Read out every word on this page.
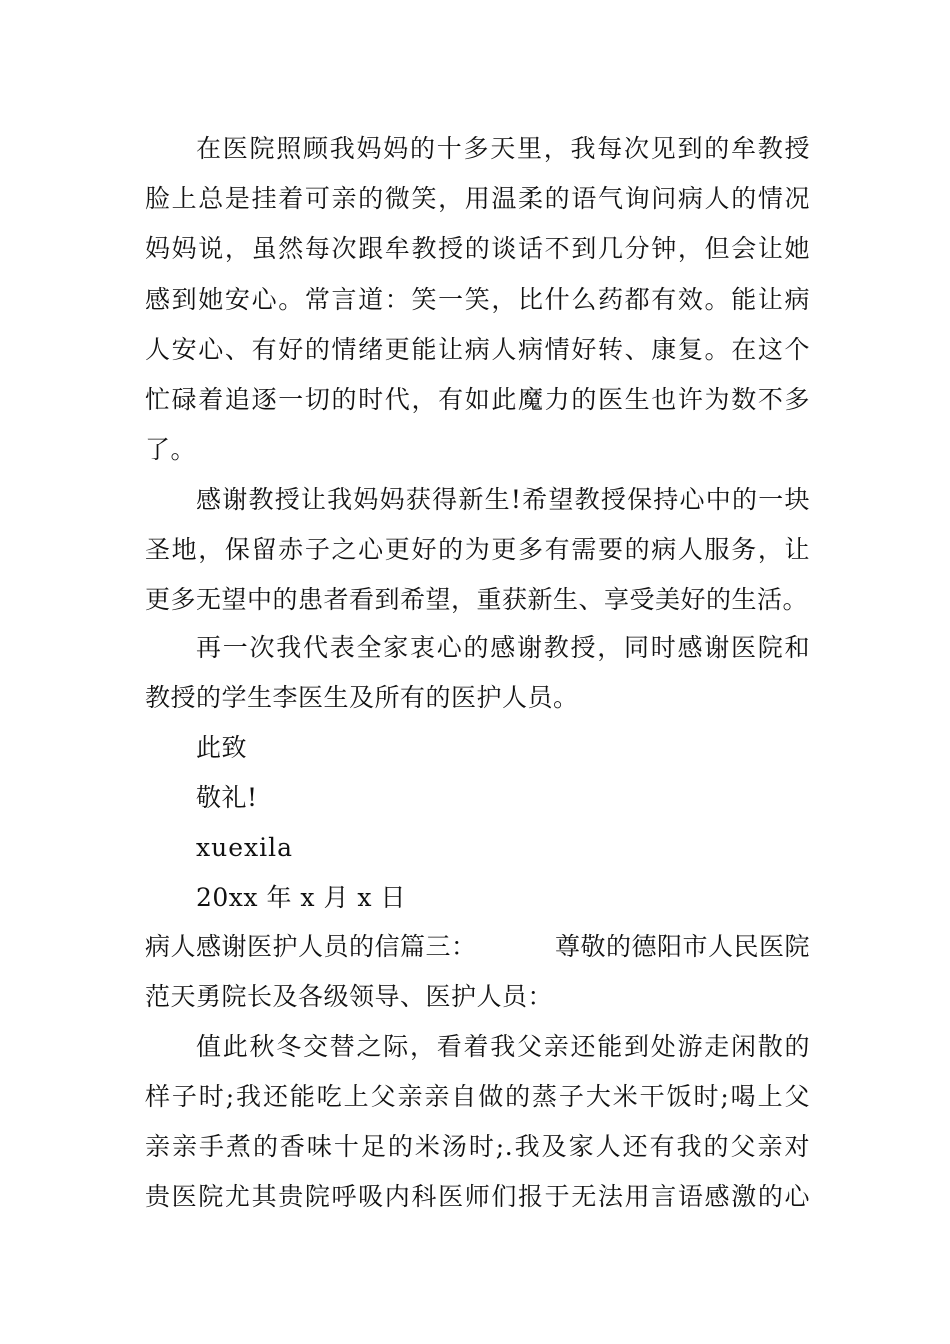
在医院照顾我妈妈的十多天里，我每次见到的牟教授
脸上总是挂着可亲的微笑，用温柔的语气询问病人的情况
妈妈说，虽然每次跟牟教授的谈话不到几分钟，但会让她
感到她安心。常言道：笑一笑，比什么药都有效。能让病
人安心、有好的情绪更能让病人病情好转、康复。在这个
忙碌着追逐一切的时代，有如此魔力的医生也许为数不多
了。
感谢教授让我妈妈获得新生!希望教授保持心中的一块
圣地，保留赤子之心更好的为更多有需要的病人服务，让
更多无望中的患者看到希望，重获新生、享受美好的生活。
再一次我代表全家衷心的感谢教授，同时感谢医院和
教授的学生李医生及所有的医护人员。
此致
敬礼!
xuexila
20xx 年 x 月 x 日
病人感谢医护人员的信篇三：	尊敬的德阳市人民医院
范天勇院长及各级领导、医护人员：
值此秋冬交替之际，看着我父亲还能到处游走闲散的
样子时;我还能吃上父亲亲自做的蒸子大米干饭时;喝上父
亲亲手煮的香味十足的米汤时;.我及家人还有我的父亲对
贵医院尤其贵院呼吸内科医师们报于无法用言语感激的心
